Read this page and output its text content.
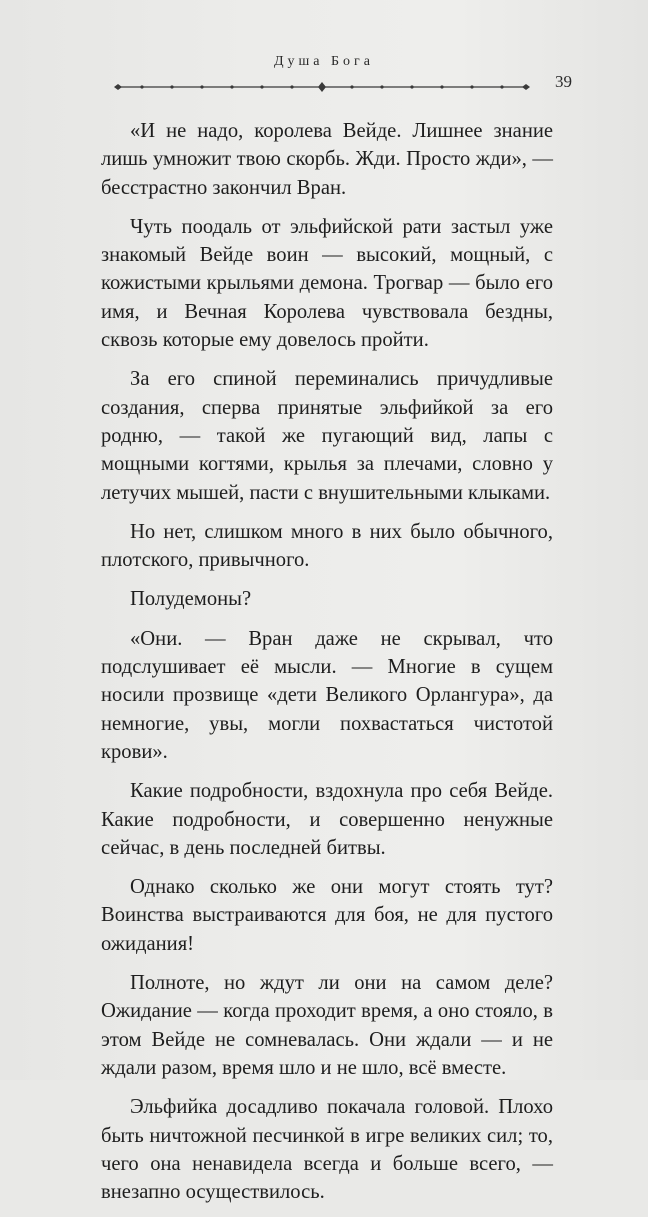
Душа Бога
39

«И не надо, королева Вейде. Лишнее знание лишь умножит твою скорбь. Жди. Просто жди», — бесстрастно закончил Вран.

Чуть поодаль от эльфийской рати застыл уже знакомый Вейде воин — высокий, мощный, с кожистыми крыльями демона. Трогвар — было его имя, и Вечная Королева чувствовала бездны, сквозь которые ему довелось пройти.

За его спиной переминались причудливые создания, сперва принятые эльфийкой за его родню, — такой же пугающий вид, лапы с мощными когтями, крылья за плечами, словно у летучих мышей, пасти с внушительными клыками.

Но нет, слишком много в них было обычного, плотского, привычного.

Полудемоны?

«Они. — Вран даже не скрывал, что подслушивает её мысли. — Многие в сущем носили прозвище «дети Великого Орлангура», да немногие, увы, могли похвастаться чистотой крови».

Какие подробности, вздохнула про себя Вейде. Какие подробности, и совершенно ненужные сейчас, в день последней битвы.

Однако сколько же они могут стоять тут? Воинства выстраиваются для боя, не для пустого ожидания!

Полноте, но ждут ли они на самом деле? Ожидание — когда проходит время, а оно стояло, в этом Вейде не сомневалась. Они ждали — и не ждали разом, время шло и не шло, всё вместе.

Эльфийка досадливо покачала головой. Плохо быть ничтожной песчинкой в игре великих сил; то, чего она ненавидела всегда и больше всего, — внезапно осуществилось.
